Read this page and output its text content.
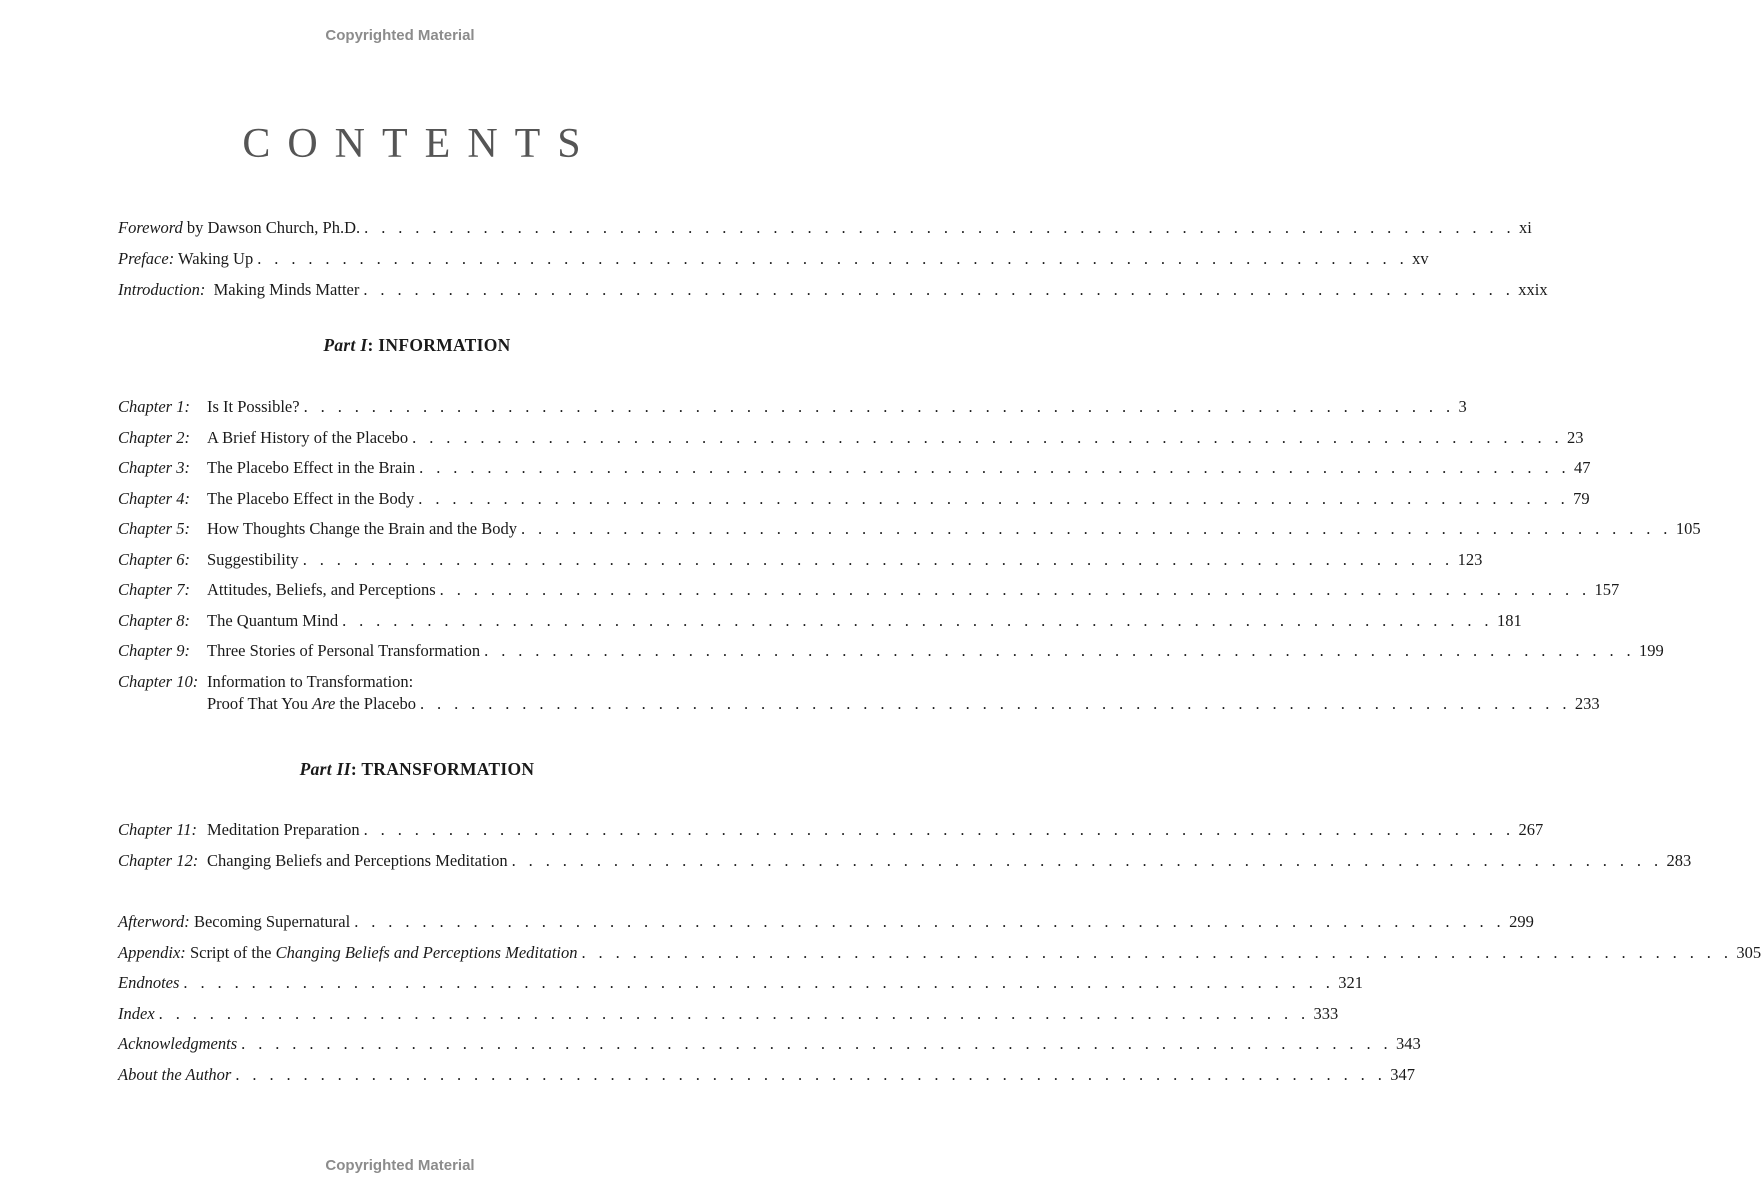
Copyrighted Material
CONTENTS
Foreword by Dawson Church, Ph.D. . . . . . . . . . . . . . . . . . . . . . . . . . . . . . . . . . . . . . . . . . . . . . . . . . . . . . . . . . . . . . . . . . . . . xi
Preface: Waking Up . . . . . . . . . . . . . . . . . . . . . . . . . . . . . . . . . . . . . . . . . . . . . . . . . . . . . . . . . . . . . . . . . . . . xv
Introduction:  Making Minds Matter . . . . . . . . . . . . . . . . . . . . . . . . . . . . . . . . . . . . . . . . . . . . . . . . . . . . . . . . . . . . . . . . . . . . xxix
Part I: INFORMATION
Chapter 1:	Is It Possible? . . . . . . . . . . . . . . . . . . . . . . . . . . . . . . . . . . . . . . . . . . . . . . . . . . . . . . . . . . . . . . . . . . . . 3
Chapter 2:	A Brief History of the Placebo . . . . . . . . . . . . . . . . . . . . . . . . . . . . . . . . . . . . . . . . . . . . . . . . . . . . . . . . . . . . . . . . . . . . 23
Chapter 3:	The Placebo Effect in the Brain . . . . . . . . . . . . . . . . . . . . . . . . . . . . . . . . . . . . . . . . . . . . . . . . . . . . . . . . . . . . . . . . . . . . 47
Chapter 4:	The Placebo Effect in the Body . . . . . . . . . . . . . . . . . . . . . . . . . . . . . . . . . . . . . . . . . . . . . . . . . . . . . . . . . . . . . . . . . . . . 79
Chapter 5:	How Thoughts Change the Brain and the Body . . . . . . . . . . . . . . . . . . . . . . . . . . . . . . . . . . . . . . . . . . . . . . . . . . . . . . . . . . . . . . . . . . . . 105
Chapter 6:	Suggestibility . . . . . . . . . . . . . . . . . . . . . . . . . . . . . . . . . . . . . . . . . . . . . . . . . . . . . . . . . . . . . . . . . . . . 123
Chapter 7:	Attitudes, Beliefs, and Perceptions . . . . . . . . . . . . . . . . . . . . . . . . . . . . . . . . . . . . . . . . . . . . . . . . . . . . . . . . . . . . . . . . . . . . 157
Chapter 8:	The Quantum Mind . . . . . . . . . . . . . . . . . . . . . . . . . . . . . . . . . . . . . . . . . . . . . . . . . . . . . . . . . . . . . . . . . . . . 181
Chapter 9:	Three Stories of Personal Transformation . . . . . . . . . . . . . . . . . . . . . . . . . . . . . . . . . . . . . . . . . . . . . . . . . . . . . . . . . . . . . . . . . . . . 199
Chapter 10: Information to Transformation:
Proof That You Are the Placebo . . . . . . . . . . . . . . . . . . . . . . . . . . . . . . . . . . . . . . . . . . . . . . . . . . . . . . . . . . . . . . . . . . . . 233
Part II: TRANSFORMATION
Chapter 11: Meditation Preparation . . . . . . . . . . . . . . . . . . . . . . . . . . . . . . . . . . . . . . . . . . . . . . . . . . . . . . . . . . . . . . . . . . . . 267
Chapter 12: Changing Beliefs and Perceptions Meditation . . . . . . . . . . . . . . . . . . . . . . . . . . . . . . . . . . . . . . . . . . . . . . . . . . . . . . . . . . . . . . . . . . . . 283
Afterword: Becoming Supernatural . . . . . . . . . . . . . . . . . . . . . . . . . . . . . . . . . . . . . . . . . . . . . . . . . . . . . . . . . . . . . . . . . . . . 299
Appendix: Script of the Changing Beliefs and Perceptions Meditation . . . . . . . . . . . . . . . . . . . . . . . . . . . . . . . . . . . . . . . . . . . . . . . . . . . . . . . . . . . . . . . . . . . . 305
Endnotes . . . . . . . . . . . . . . . . . . . . . . . . . . . . . . . . . . . . . . . . . . . . . . . . . . . . . . . . . . . . . . . . . . . . 321
Index . . . . . . . . . . . . . . . . . . . . . . . . . . . . . . . . . . . . . . . . . . . . . . . . . . . . . . . . . . . . . . . . . . . . 333
Acknowledgments . . . . . . . . . . . . . . . . . . . . . . . . . . . . . . . . . . . . . . . . . . . . . . . . . . . . . . . . . . . . . . . . . . . . 343
About the Author . . . . . . . . . . . . . . . . . . . . . . . . . . . . . . . . . . . . . . . . . . . . . . . . . . . . . . . . . . . . . . . . . . . . 347
Copyrighted Material
